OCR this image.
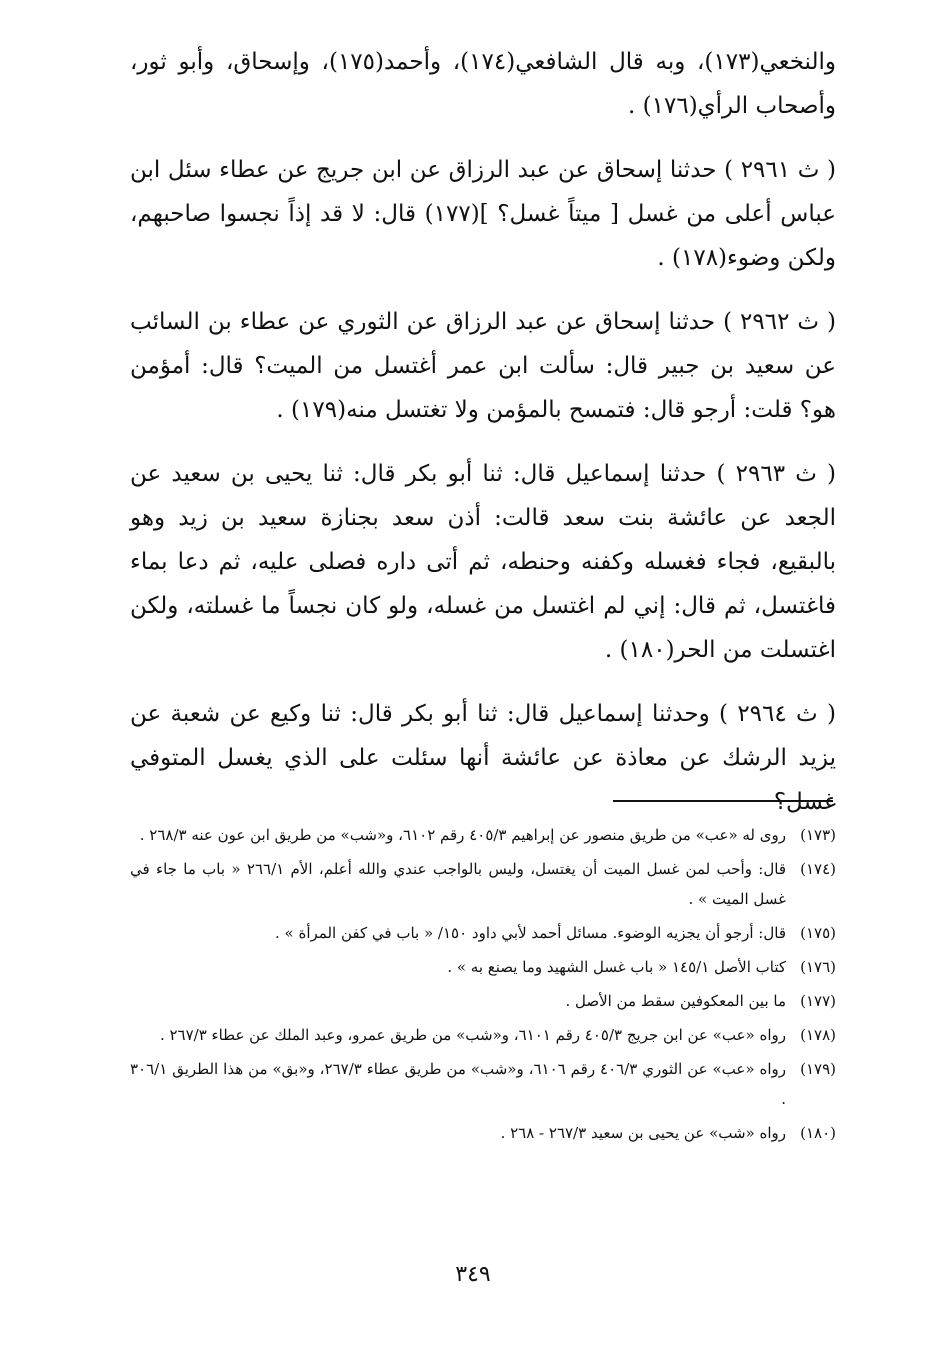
والنخعي(١٧٣)، وبه قال الشافعي(١٧٤)، وأحمد(١٧٥)، وإسحاق، وأبو ثور، وأصحاب الرأي(١٧٦) .

( ث ٢٩٦١ ) حدثنا إسحاق عن عبد الرزاق عن ابن جريج عن عطاء سئل ابن عباس أعلى من غسل [ ميتاً غسل؟ ](١٧٧) قال: لا قد إذاً نجسوا صاحبهم، ولكن وضوء(١٧٨) .

( ث ٢٩٦٢ ) حدثنا إسحاق عن عبد الرزاق عن الثوري عن عطاء بن السائب عن سعيد بن جبير قال: سألت ابن عمر أغتسل من الميت؟ قال: أمؤمن هو؟ قلت: أرجو قال: فتمسح بالمؤمن ولا تغتسل منه(١٧٩) .

( ث ٢٩٦٣ ) حدثنا إسماعيل قال: ثنا أبو بكر قال: ثنا يحيى بن سعيد عن الجعد عن عائشة بنت سعد قالت: أذن سعد بجنازة سعيد بن زيد وهو بالبقيع، فجاء فغسله وكفنه وحنطه، ثم أتى داره فصلى عليه، ثم دعا بماء فاغتسل، ثم قال: إني لم اغتسل من غسله، ولو كان نجساً ما غسلته، ولكن اغتسلت من الحر(١٨٠) .

( ث ٢٩٦٤ ) وحدثنا إسماعيل قال: ثنا أبو بكر قال: ثنا وكيع عن شعبة عن يزيد الرشك عن معاذة عن عائشة أنها سئلت على الذي يغسل المتوفي غسل؟

(١٧٣)
روى له «عب» من طريق منصور عن إبراهيم ٤٠٥/٣ رقم ٦١٠٢، و«شب» من طريق ابن عون عنه ٢٦٨/٣ .
(١٧٤)
قال: وأحب لمن غسل الميت أن يغتسل، وليس بالواجب عندي والله أعلم، الأم ٢٦٦/١ « باب ما جاء في غسل الميت » .
(١٧٥)
قال: أرجو أن يجزيه الوضوء. مسائل أحمد لأبي داود ١٥٠/ « باب في كفن المرأة » .
(١٧٦)
كتاب الأصل ١٤٥/١ « باب غسل الشهيد وما يصنع به » .
(١٧٧)
ما بين المعكوفين سقط من الأصل .
(١٧٨)
رواه «عب» عن ابن جريج ٤٠٥/٣ رقم ٦١٠١، و«شب» من طريق عمرو، وعبد الملك عن عطاء ٢٦٧/٣ .
(١٧٩)
رواه «عب» عن الثوري ٤٠٦/٣ رقم ٦١٠٦، و«شب» من طريق عطاء ٢٦٧/٣، و«بق» من هذا الطريق ٣٠٦/١ .
(١٨٠)
رواه «شب» عن يحيى بن سعيد ٢٦٧/٣ - ٢٦٨ .
٣٤٩
